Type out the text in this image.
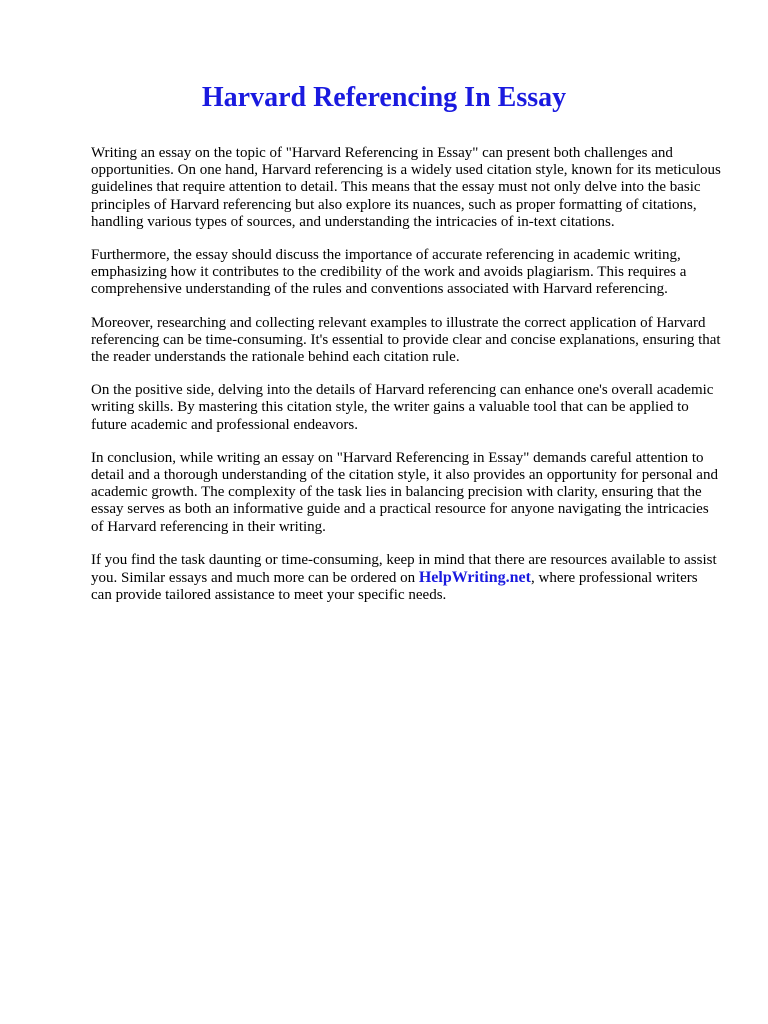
Harvard Referencing In Essay

Writing an essay on the topic of "Harvard Referencing in Essay" can present both challenges and opportunities. On one hand, Harvard referencing is a widely used citation style, known for its meticulous guidelines that require attention to detail. This means that the essay must not only delve into the basic principles of Harvard referencing but also explore its nuances, such as proper formatting of citations, handling various types of sources, and understanding the intricacies of in-text citations.

Furthermore, the essay should discuss the importance of accurate referencing in academic writing, emphasizing how it contributes to the credibility of the work and avoids plagiarism. This requires a comprehensive understanding of the rules and conventions associated with Harvard referencing.

Moreover, researching and collecting relevant examples to illustrate the correct application of Harvard referencing can be time-consuming. It's essential to provide clear and concise explanations, ensuring that the reader understands the rationale behind each citation rule.

On the positive side, delving into the details of Harvard referencing can enhance one's overall academic writing skills. By mastering this citation style, the writer gains a valuable tool that can be applied to future academic and professional endeavors.

In conclusion, while writing an essay on "Harvard Referencing in Essay" demands careful attention to detail and a thorough understanding of the citation style, it also provides an opportunity for personal and academic growth. The complexity of the task lies in balancing precision with clarity, ensuring that the essay serves as both an informative guide and a practical resource for anyone navigating the intricacies of Harvard referencing in their writing.

If you find the task daunting or time-consuming, keep in mind that there are resources available to assist you. Similar essays and much more can be ordered on HelpWriting.net, where professional writers can provide tailored assistance to meet your specific needs.
